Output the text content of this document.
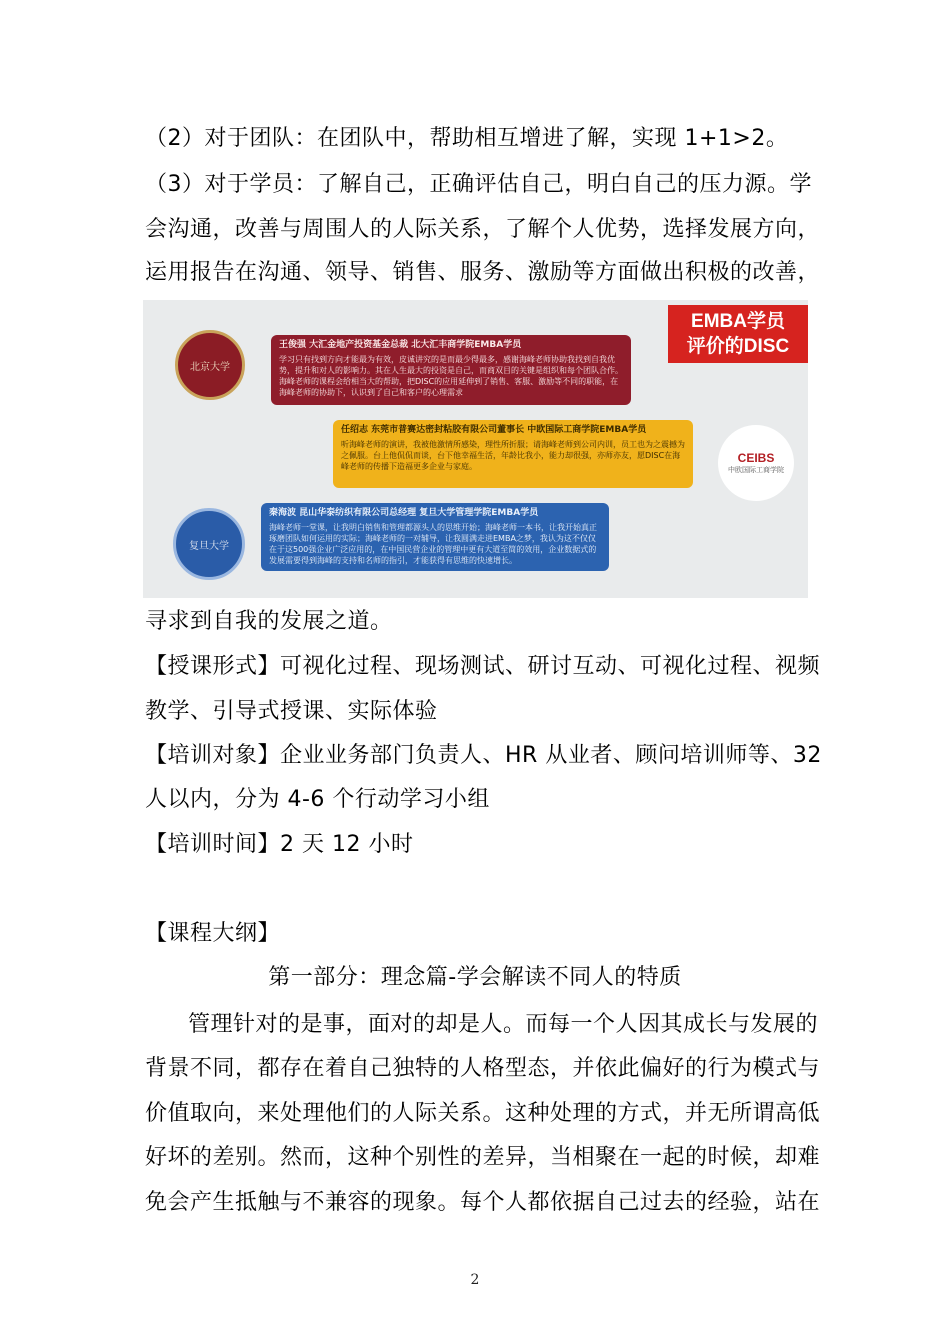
（2）对于团队：在团队中，帮助相互增进了解，实现 1+1>2。
（3）对于学员：了解自己，正确评估自己，明白自己的压力源。学
会沟通，改善与周围人的人际关系，了解个人优势，选择发展方向，
运用报告在沟通、领导、销售、服务、激励等方面做出积极的改善，
EMBA学员
评价的DISC
北京大学
王俊强 大汇金地产投资基金总裁 北大汇丰商学院EMBA学员
学习只有找到方向才能最为有效，皮诚讲究的是而最少得最多，感谢海峰老师协助我找到自我优势，提升和对人的影响力。其在人生最大的投资是自己，而商双目的关键是组织和每个团队合作。海峰老师的课程会给相当大的帮助，把DISC的应用延伸到了销售、客服、激励等不同的职能，在海峰老师的协助下，认识到了自己和客户的心理需求
任绍志 东莞市普赛达密封粘胶有限公司董事长 中欧国际工商学院EMBA学员
听海峰老师的演讲，我被他激情所感染，理性所折服；请海峰老师到公司内训，员工也为之震撼为之佩服。台上他侃侃而谈，台下他幸福生活，年龄比我小，能力却很强，亦师亦友，愿DISC在海峰老师的传播下造福更多企业与家庭。
CEIBS
中欧国际工商学院
复旦大学
秦海波 昆山华泰纺织有限公司总经理 复旦大学管理学院EMBA学员
海峰老师一堂课，让我明白销售和管理都源头人的思维开始；海峰老师一本书，让我开始真正琢磨团队如何运用的实际；海峰老师的一对辅导，让我圆满走进EMBA之梦，我认为这不仅仅在于这500强企业广泛应用的，在中国民营企业的管理中更有大道至简的效用，企业数据式的发展需要得到海峰的支持和名师的指引，才能获得有思维的快速增长。
寻求到自我的发展之道。
【授课形式】可视化过程、现场测试、研讨互动、可视化过程、视频
教学、引导式授课、实际体验
【培训对象】企业业务部门负责人、HR 从业者、顾问培训师等、32
人以内，分为 4-6 个行动学习小组
【培训时间】2 天 12 小时
【课程大纲】
第一部分：理念篇-学会解读不同人的特质
管理针对的是事，面对的却是人。而每一个人因其成长与发展的
背景不同，都存在着自己独特的人格型态，并依此偏好的行为模式与
价值取向，来处理他们的人际关系。这种处理的方式，并无所谓高低
好坏的差别。然而，这种个别性的差异，当相聚在一起的时候，却难
免会产生抵触与不兼容的现象。每个人都依据自己过去的经验，站在
2
